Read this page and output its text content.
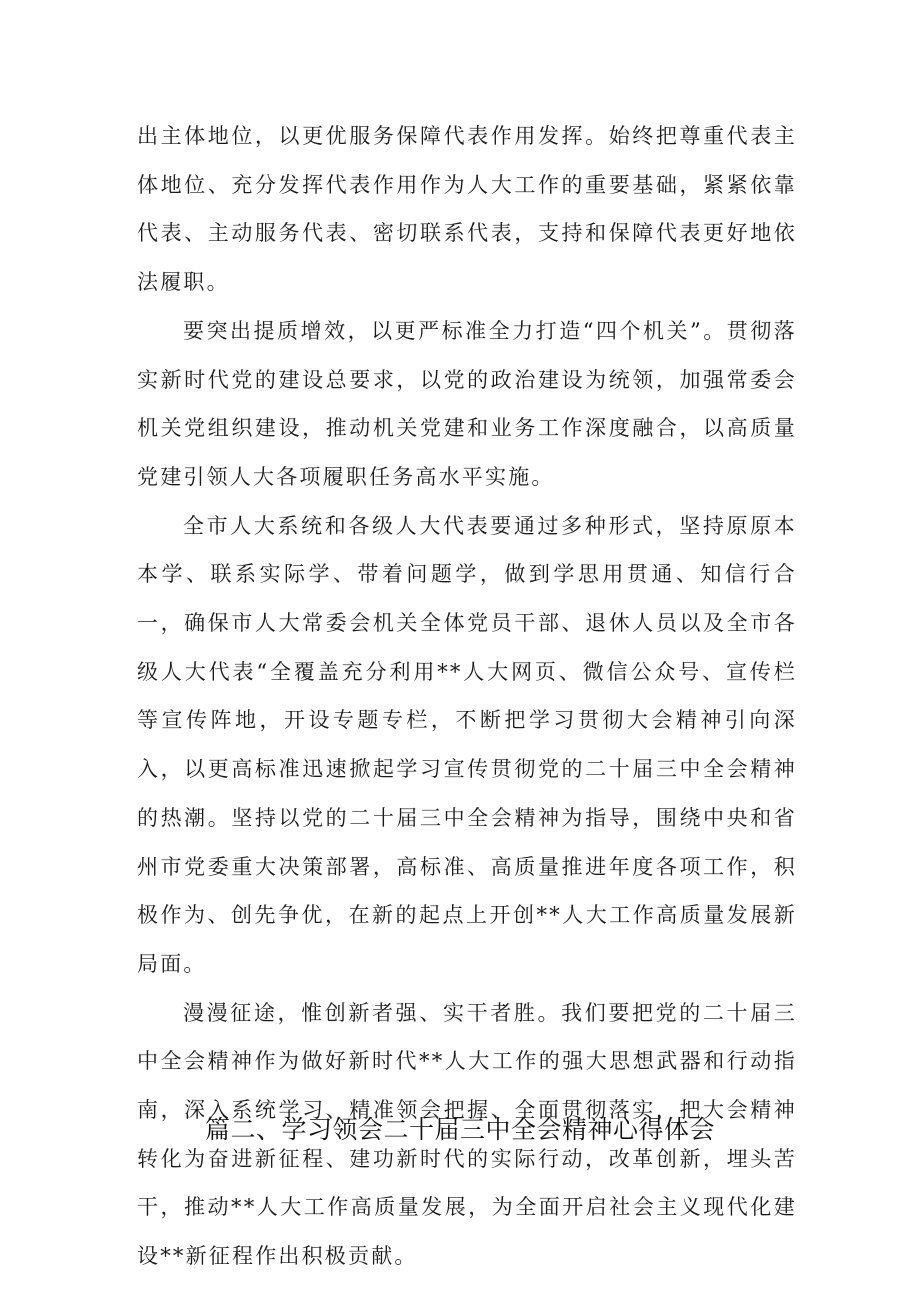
出主体地位，以更优服务保障代表作用发挥。始终把尊重代表主体地位、充分发挥代表作用作为人大工作的重要基础，紧紧依靠代表、主动服务代表、密切联系代表，支持和保障代表更好地依法履职。

要突出提质增效，以更严标准全力打造“四个机关”。贯彻落实新时代党的建设总要求，以党的政治建设为统领，加强常委会机关党组织建设，推动机关党建和业务工作深度融合，以高质量党建引领人大各项履职任务高水平实施。

全市人大系统和各级人大代表要通过多种形式，坚持原原本本学、联系实际学、带着问题学，做到学思用贯通、知信行合一，确保市人大常委会机关全体党员干部、退休人员以及全市各级人大代表“全覆盖充分利用**人大网页、微信公众号、宣传栏等宣传阵地，开设专题专栏，不断把学习贯彻大会精神引向深入，以更高标准迅速掀起学习宣传贯彻党的二十届三中全会精神的热潮。坚持以党的二十届三中全会精神为指导，围绕中央和省州市党委重大决策部署，高标准、高质量推进年度各项工作，积极作为、创先争优，在新的起点上开创**人大工作高质量发展新局面。

漫漫征途，惟创新者强、实干者胜。我们要把党的二十届三中全会精神作为做好新时代**人大工作的强大思想武器和行动指南，深入系统学习、精准领会把握、全面贯彻落实，把大会精神转化为奋进新征程、建功新时代的实际行动，改革创新，埋头苦干，推动**人大工作高质量发展，为全面开启社会主义现代化建设**新征程作出积极贡献。

篇二、学习领会二十届三中全会精神心得体会
